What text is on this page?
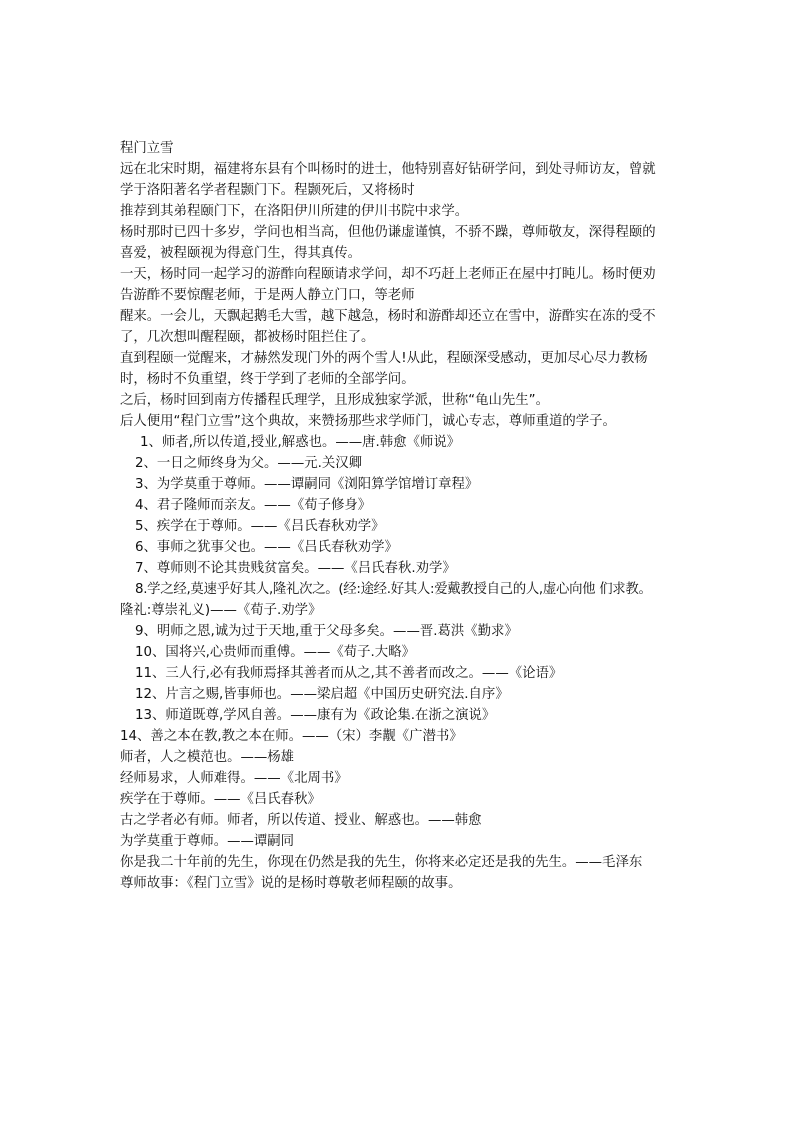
程门立雪
远在北宋时期，福建将东县有个叫杨时的进士，他特别喜好钻研学问，到处寻师访友，曾就
学于洛阳著名学者程颢门下。程颢死后，又将杨时
推荐到其弟程颐门下，在洛阳伊川所建的伊川书院中求学。
杨时那时已四十多岁，学问也相当高，但他仍谦虚谨慎，不骄不躁，尊师敬友，深得程颐的
喜爱，被程颐视为得意门生，得其真传。
一天，杨时同一起学习的游酢向程颐请求学问，却不巧赶上老师正在屋中打盹儿。杨时便劝
告游酢不要惊醒老师，于是两人静立门口，等老师
醒来。一会儿，天飘起鹅毛大雪，越下越急，杨时和游酢却还立在雪中，游酢实在冻的受不
了，几次想叫醒程颐，都被杨时阻拦住了。
直到程颐一觉醒来，才赫然发现门外的两个雪人!从此，程颐深受感动，更加尽心尽力教杨
时，杨时不负重望，终于学到了老师的全部学问。
之后，杨时回到南方传播程氏理学，且形成独家学派，世称“龟山先生”。
后人便用“程门立雪”这个典故，来赞扬那些求学师门，诚心专志，尊师重道的学子。
1、师者,所以传道,授业,解惑也。——唐.韩愈《师说》
2、一日之师终身为父。——元.关汉卿
3、为学莫重于尊师。——谭嗣同《浏阳算学馆增订章程》
4、君子隆师而亲友。——《荀子修身》
5、疾学在于尊师。——《吕氏春秋劝学》
6、事师之犹事父也。——《吕氏春秋劝学》
7、尊师则不论其贵贱贫富矣。——《吕氏春秋.劝学》
8.学之经,莫速乎好其人,隆礼次之。(经:途经.好其人:爱戴教授自己的人,虚心向他 们求教。
隆礼:尊崇礼义)——《荀子.劝学》
9、明师之恩,诚为过于天地,重于父母多矣。——晋.葛洪《勤求》
10、国将兴,心贵师而重傅。——《荀子.大略》
11、三人行,必有我师焉择其善者而从之,其不善者而改之。——《论语》
12、片言之赐,皆事师也。——梁启超《中国历史研究法.自序》
13、师道既尊,学风自善。——康有为《政论集.在浙之演说》
14、善之本在教,教之本在师。——（宋）李觏《广潜书》
师者，人之模范也。——杨雄
经师易求，人师难得。——《北周书》
疾学在于尊师。——《吕氏春秋》
古之学者必有师。师者，所以传道、授业、解惑也。——韩愈
为学莫重于尊师。——谭嗣同
你是我二十年前的先生，你现在仍然是我的先生，你将来必定还是我的先生。——毛泽东
尊师故事：《程门立雪》说的是杨时尊敬老师程颐的故事。
